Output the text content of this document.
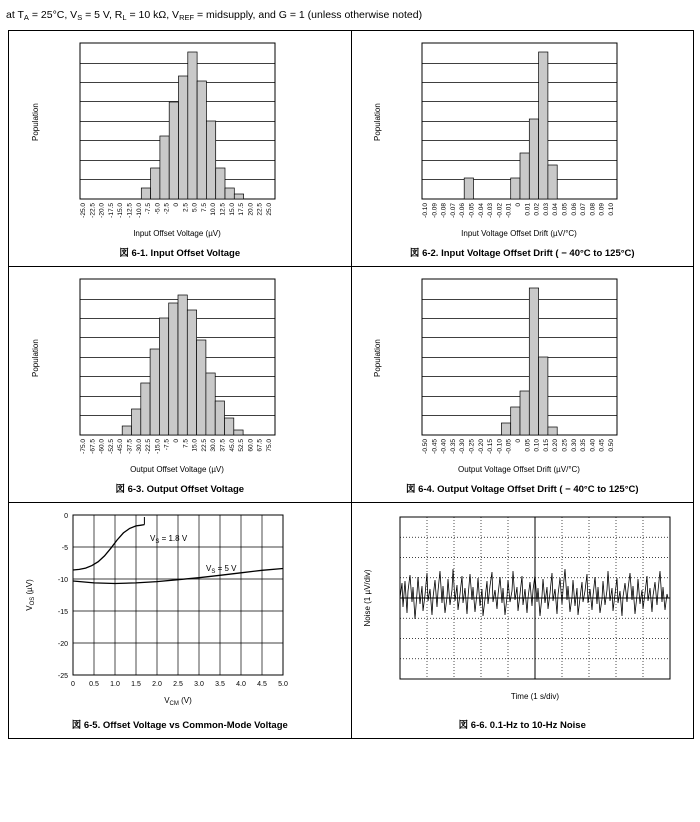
at $T_A = 25^\circ C$, $V_S = 5$ V, $R_L = 10$ kΩ, $V_{REF}$ = midsupply, and G = 1 (unless otherwise noted)
Population
-25.0 -22.5 -20.0 -17.5 -15.0 -12.5 -10.0 -7.5 -5.0 -2.5 0 2.5 5.0 7.5 10.0 12.5 15.0 17.5 20.0 22.5 25.0
Input Offset Voltage (µV)
図 6-1. Input Offset Voltage

Population
-0.10 -0.09 -0.08 -0.07 -0.06 -0.05 -0.04 -0.03 -0.02 -0.01 0 0.01 0.02 0.03 0.04 0.05 0.06 0.07 0.08 0.09 0.10
Input Voltage Offset Drift (µV/°C)
図 6-2. Input Voltage Offset Drift ( − 40°C to 125°C)

Population
-75.0 -67.5 -60.0 -52.5 -45.0 -37.5 -30.0 -22.5 -15.0 -7.5 0 7.5 15.0 22.5 30.0 37.5 45.0 52.5 60.0 67.5 75.0
Output Offset Voltage (µV)
図 6-3. Output Offset Voltage

Population
-0.50 -0.45 -0.40 -0.35 -0.30 -0.25 -0.20 -0.15 -0.10 -0.05 0 0.05 0.10 0.15 0.20 0.25 0.30 0.35 0.40 0.45 0.50
Output Voltage Offset Drift (µV/°C)
図 6-4. Output Voltage Offset Drift ( − 40°C to 125°C)

$V_S = 1.8$ V
$V_S = 5$ V
0
-5
-10
-15
-20
-25
0 0.5 1.0 1.5 2.0 2.5 3.0 3.5 4.0 4.5 5.0
$V_{OS}$ (µV)
$V_{CM}$ (V)
図 6-5. Offset Voltage vs Common-Mode Voltage

Noise (1 µV/div)
Time (1 s/div)
図 6-6. 0.1-Hz to 10-Hz Noise
